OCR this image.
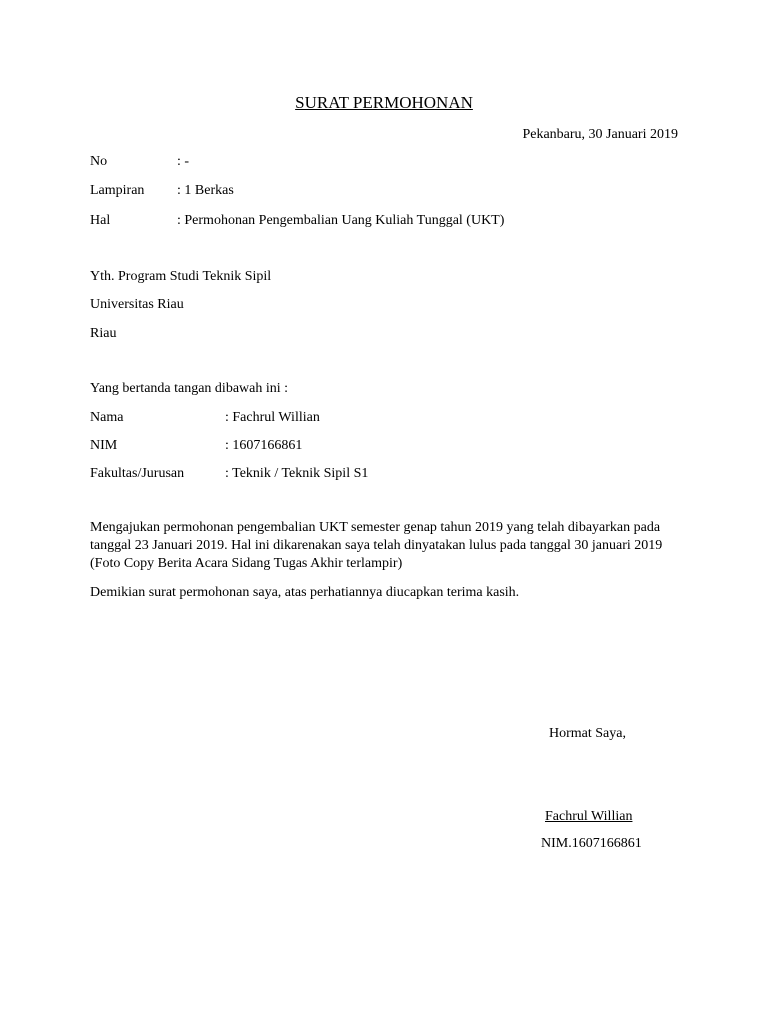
SURAT PERMOHONAN
Pekanbaru, 30 Januari 2019
No	: -
Lampiran : 1 Berkas
Hal	: Permohonan Pengembalian Uang Kuliah Tunggal (UKT)
Yth. Program Studi Teknik Sipil
Universitas Riau
Riau
Yang bertanda tangan dibawah ini :
Nama	: Fachrul Willian
NIM	: 1607166861
Fakultas/Jurusan	: Teknik / Teknik Sipil S1
Mengajukan permohonan pengembalian UKT semester genap tahun 2019 yang telah dibayarkan pada
tanggal 23 Januari 2019. Hal ini dikarenakan saya telah dinyatakan lulus pada tanggal 30 januari 2019
(Foto Copy Berita Acara Sidang Tugas Akhir terlampir)
Demikian surat permohonan saya, atas perhatiannya diucapkan terima kasih.
Hormat Saya,
Fachrul Willian
NIM.1607166861
